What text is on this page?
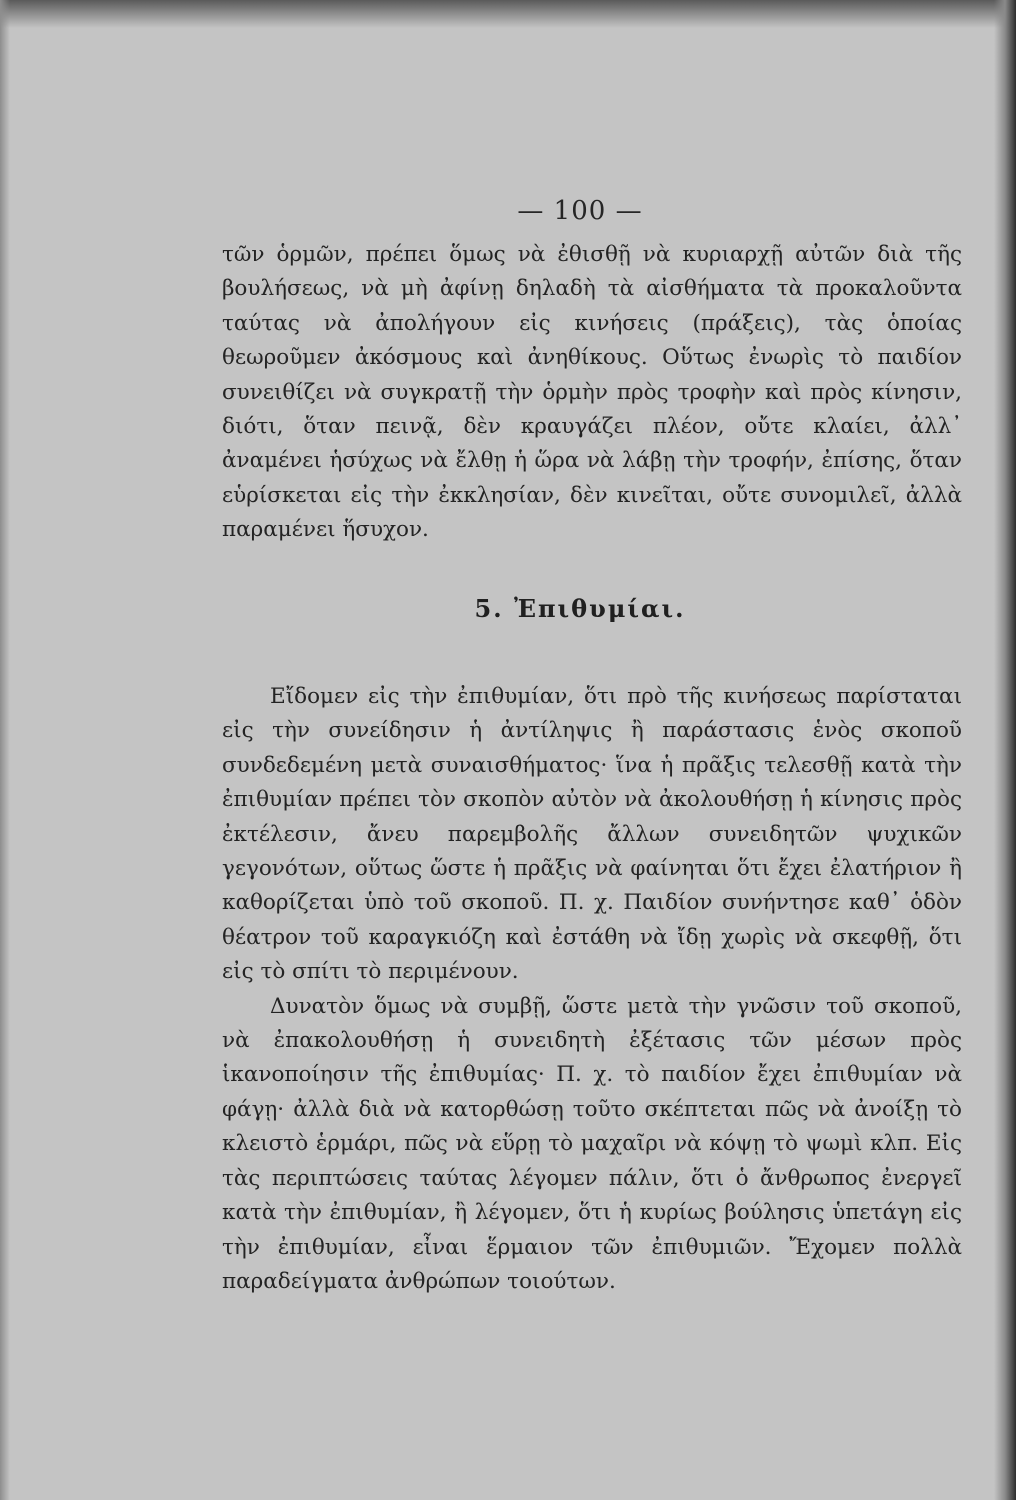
— 100 —

τῶν ὁρμῶν, πρέπει ὅμως νὰ ἐθισθῇ νὰ κυριαρχῇ αὐτῶν διὰ τῆς βουλήσεως, νὰ μὴ ἀφίνῃ δηλαδὴ τὰ αἰσθήματα τὰ προκαλοῦντα ταύτας νὰ ἀπολήγουν εἰς κινήσεις (πράξεις), τὰς ὁποίας θεωροῦμεν ἀκόσμους καὶ ἀνηθίκους. Οὕτως ἐνωρὶς τὸ παιδίον συνειθίζει νὰ συγκρατῇ τὴν ὁρμὴν πρὸς τροφὴν καὶ πρὸς κίνησιν, διότι, ὅταν πεινᾷ, δὲν κραυγάζει πλέον, οὔτε κλαίει, ἀλλ᾽ ἀναμένει ἡσύχως νὰ ἔλθῃ ἡ ὥρα νὰ λάβῃ τὴν τροφήν, ἐπίσης, ὅταν εὑρίσκεται εἰς τὴν ἐκκλησίαν, δὲν κινεῖται, οὔτε συνομιλεῖ, ἀλλὰ παραμένει ἥσυχον.

5. Ἐπιθυμίαι.

Εἴδομεν εἰς τὴν ἐπιθυμίαν, ὅτι πρὸ τῆς κινήσεως παρίσταται εἰς τὴν συνείδησιν ἡ ἀντίληψις ἢ παράστασις ἑνὸς σκοποῦ συνδεδεμένη μετὰ συναισθήματος· ἵνα ἡ πρᾶξις τελεσθῇ κατὰ τὴν ἐπιθυμίαν πρέπει τὸν σκοπὸν αὐτὸν νὰ ἀκολουθήσῃ ἡ κίνησις πρὸς ἐκτέλεσιν, ἄνευ παρεμβολῆς ἄλλων συνειδητῶν ψυχικῶν γεγονότων, οὕτως ὥστε ἡ πρᾶξις νὰ φαίνηται ὅτι ἔχει ἐλατήριον ἢ καθορίζεται ὑπὸ τοῦ σκοποῦ. Π. χ. Παιδίον συνήντησε καθ᾽ ὁδὸν θέατρον τοῦ καραγκιόζη καὶ ἐστάθη νὰ ἴδῃ χωρὶς νὰ σκεφθῇ, ὅτι εἰς τὸ σπίτι τὸ περιμένουν.

Δυνατὸν ὅμως νὰ συμβῇ, ὥστε μετὰ τὴν γνῶσιν τοῦ σκοποῦ, νὰ ἐπακολουθήσῃ ἡ συνειδητὴ ἐξέτασις τῶν μέσων πρὸς ἱκανοποίησιν τῆς ἐπιθυμίας· Π. χ. τὸ παιδίον ἔχει ἐπιθυμίαν νὰ φάγῃ· ἀλλὰ διὰ νὰ κατορθώσῃ τοῦτο σκέπτεται πῶς νὰ ἀνοίξῃ τὸ κλειστὸ ἑρμάρι, πῶς νὰ εὕρῃ τὸ μαχαῖρι νὰ κόψῃ τὸ ψωμὶ κλπ. Εἰς τὰς περιπτώσεις ταύτας λέγομεν πάλιν, ὅτι ὁ ἄνθρωπος ἐνεργεῖ κατὰ τὴν ἐπιθυμίαν, ἢ λέγομεν, ὅτι ἡ κυρίως βούλησις ὑπετάγη εἰς τὴν ἐπιθυμίαν, εἶναι ἕρμαιον τῶν ἐπιθυμιῶν. Ἔχομεν πολλὰ παραδείγματα ἀνθρώπων τοιούτων.
